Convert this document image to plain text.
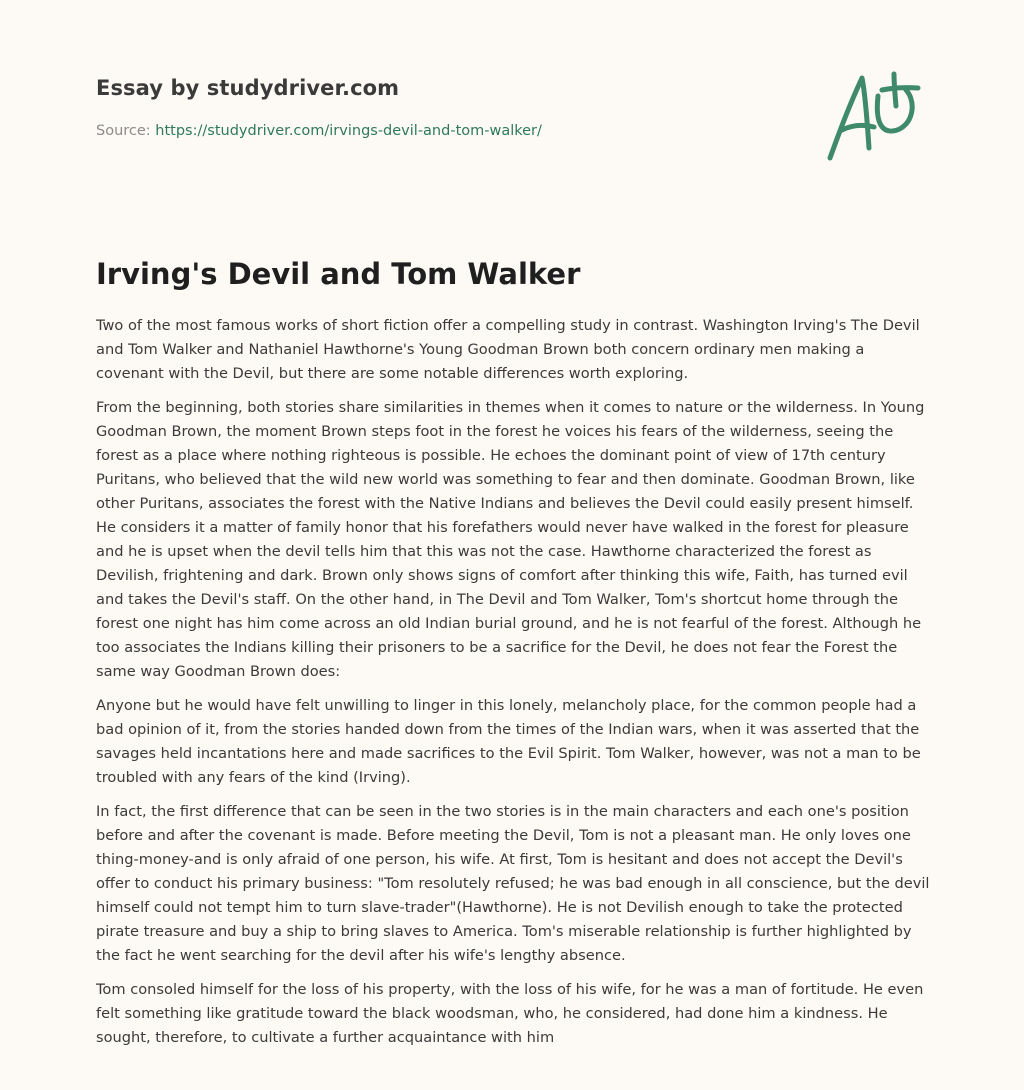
Essay by studydriver.com
Source: https://studydriver.com/irvings-devil-and-tom-walker/
Irving's Devil and Tom Walker

Two of the most famous works of short fiction offer a compelling study in contrast. Washington Irving's The Devil and Tom Walker and Nathaniel Hawthorne's Young Goodman Brown both concern ordinary men making a covenant with the Devil, but there are some notable differences worth exploring.

From the beginning, both stories share similarities in themes when it comes to nature or the wilderness. In Young Goodman Brown, the moment Brown steps foot in the forest he voices his fears of the wilderness, seeing the forest as a place where nothing righteous is possible. He echoes the dominant point of view of 17th century Puritans, who believed that the wild new world was something to fear and then dominate. Goodman Brown, like other Puritans, associates the forest with the Native Indians and believes the Devil could easily present himself. He considers it a matter of family honor that his forefathers would never have walked in the forest for pleasure and he is upset when the devil tells him that this was not the case. Hawthorne characterized the forest as Devilish, frightening and dark. Brown only shows signs of comfort after thinking this wife, Faith, has turned evil and takes the Devil's staff. On the other hand, in The Devil and Tom Walker, Tom's shortcut home through the forest one night has him come across an old Indian burial ground, and he is not fearful of the forest. Although he too associates the Indians killing their prisoners to be a sacrifice for the Devil, he does not fear the Forest the same way Goodman Brown does:

Anyone but he would have felt unwilling to linger in this lonely, melancholy place, for the common people had a bad opinion of it, from the stories handed down from the times of the Indian wars, when it was asserted that the savages held incantations here and made sacrifices to the Evil Spirit. Tom Walker, however, was not a man to be troubled with any fears of the kind (Irving).

In fact, the first difference that can be seen in the two stories is in the main characters and each one's position before and after the covenant is made. Before meeting the Devil, Tom is not a pleasant man. He only loves one thing-money-and is only afraid of one person, his wife. At first, Tom is hesitant and does not accept the Devil's offer to conduct his primary business: "Tom resolutely refused; he was bad enough in all conscience, but the devil himself could not tempt him to turn slave-trader"(Hawthorne). He is not Devilish enough to take the protected pirate treasure and buy a ship to bring slaves to America. Tom's miserable relationship is further highlighted by the fact he went searching for the devil after his wife's lengthy absence.

Tom consoled himself for the loss of his property, with the loss of his wife, for he was a man of fortitude. He even felt something like gratitude toward the black woodsman, who, he considered, had done him a kindness. He sought, therefore, to cultivate a further acquaintance with him
